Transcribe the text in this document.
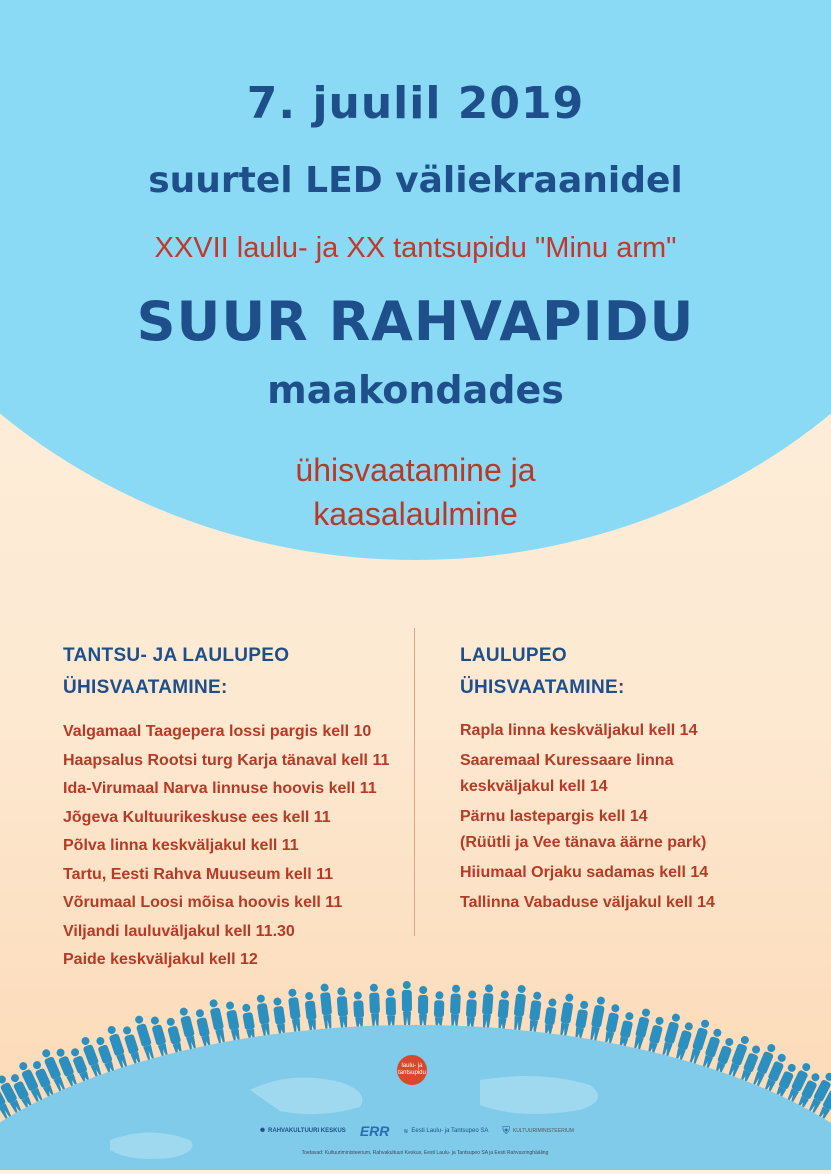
7. juulil 2019
suurtel LED väliekraanidel
XXVII laulu- ja XX tantsupidu "Minu arm"
SUUR RAHVAPIDU
maakondades
ühisvaatamine ja
kaasalaulmine
TANTSU- JA LAULUPEO
ÜHISVAATAMINE:
Valgamaal Taagepera lossi pargis kell 10
Haapsalus Rootsi turg Karja tänaval kell 11
Ida-Virumaal Narva linnuse hoovis kell 11
Jõgeva Kultuurikeskuse ees kell 11
Põlva linna keskväljakul kell 11
Tartu, Eesti Rahva Muuseum kell 11
Võrumaal Loosi mõisa hoovis kell 11
Viljandi lauluväljakul kell 11.30
Paide keskväljakul kell 12
LAULUPEO
ÜHISVAATAMINE:
Rapla linna keskväljakul kell 14
Saaremaal Kuressaare linna
keskväljakul kell 14
Pärnu lastepargis kell 14
(Rüütli ja Vee tänava äärne park)
Hiiumaal Orjaku sadamas kell 14
Tallinna Vabaduse väljakul kell 14
laulu- ja tantsupidu
✺ RAHVAKULTUURI KESKUS ERR ≋ Eesti Laulu- ja Tantsupeo SA ⛨ KULTUURIMINISTEERIUM
Toetavad: Kultuuriministeerium, Rahvakultuuri Keskus, Eesti Laulu- ja Tantsupeo SA ja Eesti Rahvusringhääling
